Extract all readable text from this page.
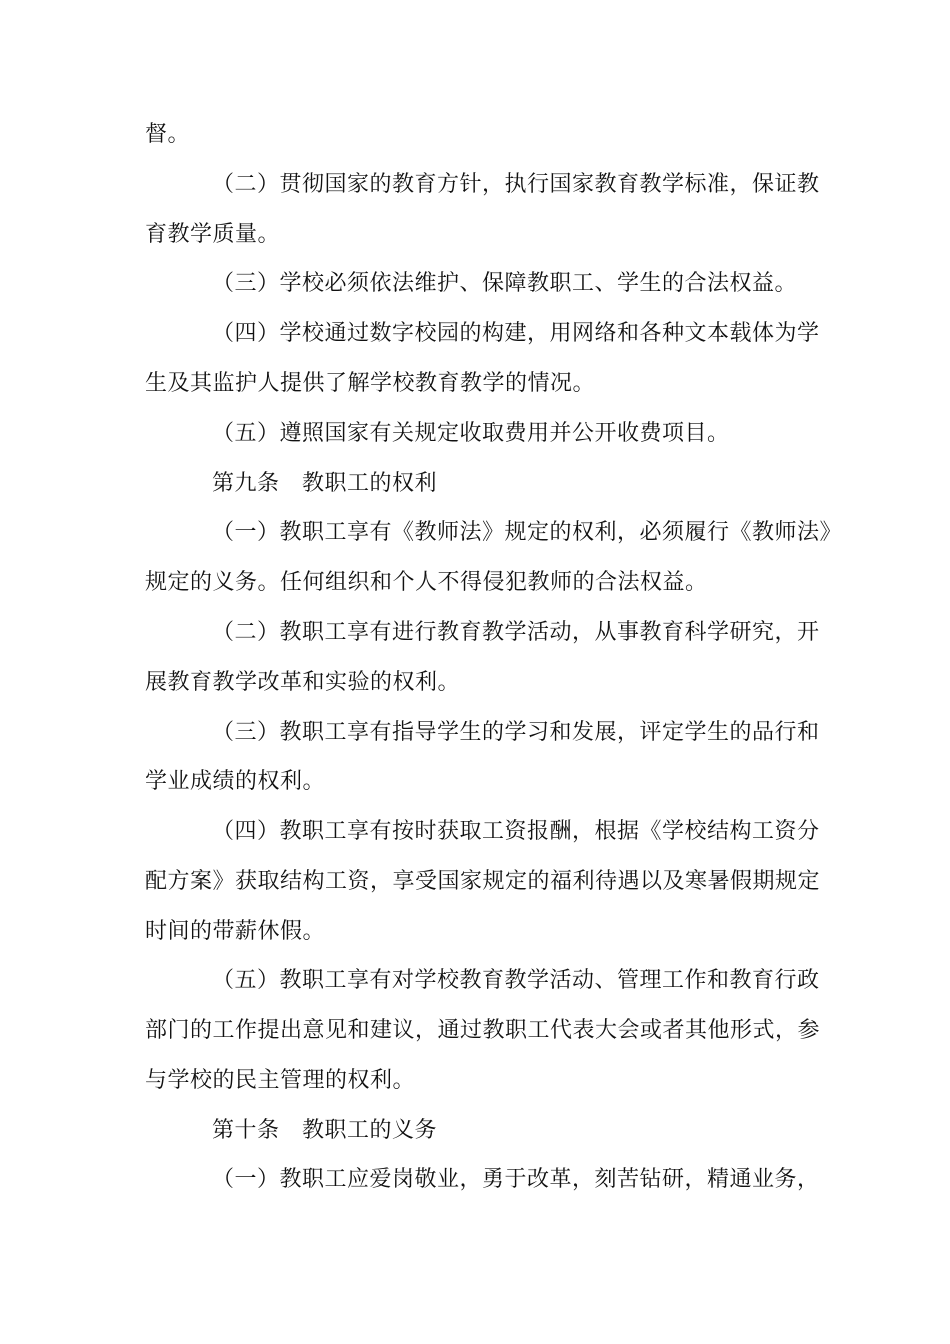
督。
（二）贯彻国家的教育方针，执行国家教育教学标准，保证教
育教学质量。
（三）学校必须依法维护、保障教职工、学生的合法权益。
（四）学校通过数字校园的构建，用网络和各种文本载体为学
生及其监护人提供了解学校教育教学的情况。
（五）遵照国家有关规定收取费用并公开收费项目。
第九条　教职工的权利
（一）教职工享有《教师法》规定的权利，必须履行《教师法》
规定的义务。任何组织和个人不得侵犯教师的合法权益。
（二）教职工享有进行教育教学活动，从事教育科学研究，开
展教育教学改革和实验的权利。
（三）教职工享有指导学生的学习和发展，评定学生的品行和
学业成绩的权利。
（四）教职工享有按时获取工资报酬，根据《学校结构工资分
配方案》获取结构工资，享受国家规定的福利待遇以及寒暑假期规定
时间的带薪休假。
（五）教职工享有对学校教育教学活动、管理工作和教育行政
部门的工作提出意见和建议，通过教职工代表大会或者其他形式，参
与学校的民主管理的权利。
第十条　教职工的义务
（一）教职工应爱岗敬业，勇于改革，刻苦钻研，精通业务，
